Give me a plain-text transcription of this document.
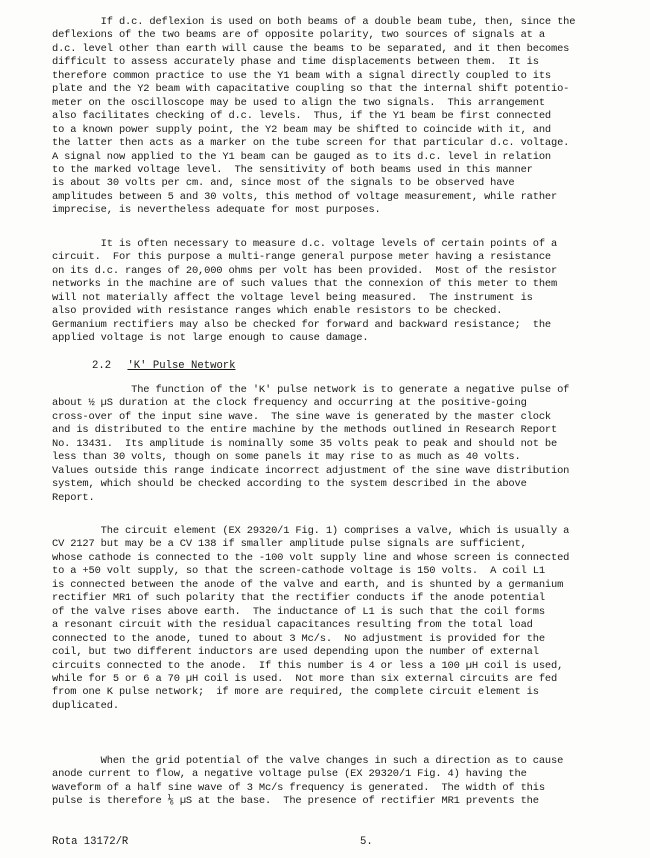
If d.c. deflexion is used on both beams of a double beam tube, then, since the
deflexions of the two beams are of opposite polarity, two sources of signals at a
d.c. level other than earth will cause the beams to be separated, and it then becomes
difficult to assess accurately phase and time displacements between them.  It is
therefore common practice to use the Y1 beam with a signal directly coupled to its
plate and the Y2 beam with capacitative coupling so that the internal shift potentio-
meter on the oscilloscope may be used to align the two signals.  This arrangement
also facilitates checking of d.c. levels.  Thus, if the Y1 beam be first connected
to a known power supply point, the Y2 beam may be shifted to coincide with it, and
the latter then acts as a marker on the tube screen for that particular d.c. voltage.
A signal now applied to the Y1 beam can be gauged as to its d.c. level in relation
to the marked voltage level.  The sensitivity of both beams used in this manner
is about 30 volts per cm. and, since most of the signals to be observed have
amplitudes between 5 and 30 volts, this method of voltage measurement, while rather
imprecise, is nevertheless adequate for most purposes.
It is often necessary to measure d.c. voltage levels of certain points of a
circuit.  For this purpose a multi-range general purpose meter having a resistance
on its d.c. ranges of 20,000 ohms per volt has been provided.  Most of the resistor
networks in the machine are of such values that the connexion of this meter to them
will not materially affect the voltage level being measured.  The instrument is
also provided with resistance ranges which enable resistors to be checked.
Germanium rectifiers may also be checked for forward and backward resistance;  the
applied voltage is not large enough to cause damage.
2.2 'K' Pulse Network
The function of the 'K' pulse network is to generate a negative pulse of
about ½ µS duration at the clock frequency and occurring at the positive-going
cross-over of the input sine wave.  The sine wave is generated by the master clock
and is distributed to the entire machine by the methods outlined in Research Report
No. 13431.  Its amplitude is nominally some 35 volts peak to peak and should not be
less than 30 volts, though on some panels it may rise to as much as 40 volts.
Values outside this range indicate incorrect adjustment of the sine wave distribution
system, which should be checked according to the system described in the above
Report.
The circuit element (EX 29320/1 Fig. 1) comprises a valve, which is usually a
CV 2127 but may be a CV 138 if smaller amplitude pulse signals are sufficient,
whose cathode is connected to the -100 volt supply line and whose screen is connected
to a +50 volt supply, so that the screen-cathode voltage is 150 volts.  A coil L1
is connected between the anode of the valve and earth, and is shunted by a germanium
rectifier MR1 of such polarity that the rectifier conducts if the anode potential
of the valve rises above earth.  The inductance of L1 is such that the coil forms
a resonant circuit with the residual capacitances resulting from the total load
connected to the anode, tuned to about 3 Mc/s.  No adjustment is provided for the
coil, but two different inductors are used depending upon the number of external
circuits connected to the anode.  If this number is 4 or less a 100 µH coil is used,
while for 5 or 6 a 70 µH coil is used.  Not more than six external circuits are fed
from one K pulse network;  if more are required, the complete circuit element is
duplicated.
When the grid potential of the valve changes in such a direction as to cause
anode current to flow, a negative voltage pulse (EX 29320/1 Fig. 4) having the
waveform of a half sine wave of 3 Mc/s frequency is generated.  The width of this
pulse is therefore ⅙ µS at the base.  The presence of rectifier MR1 prevents the
Rota 13172/R	5.
